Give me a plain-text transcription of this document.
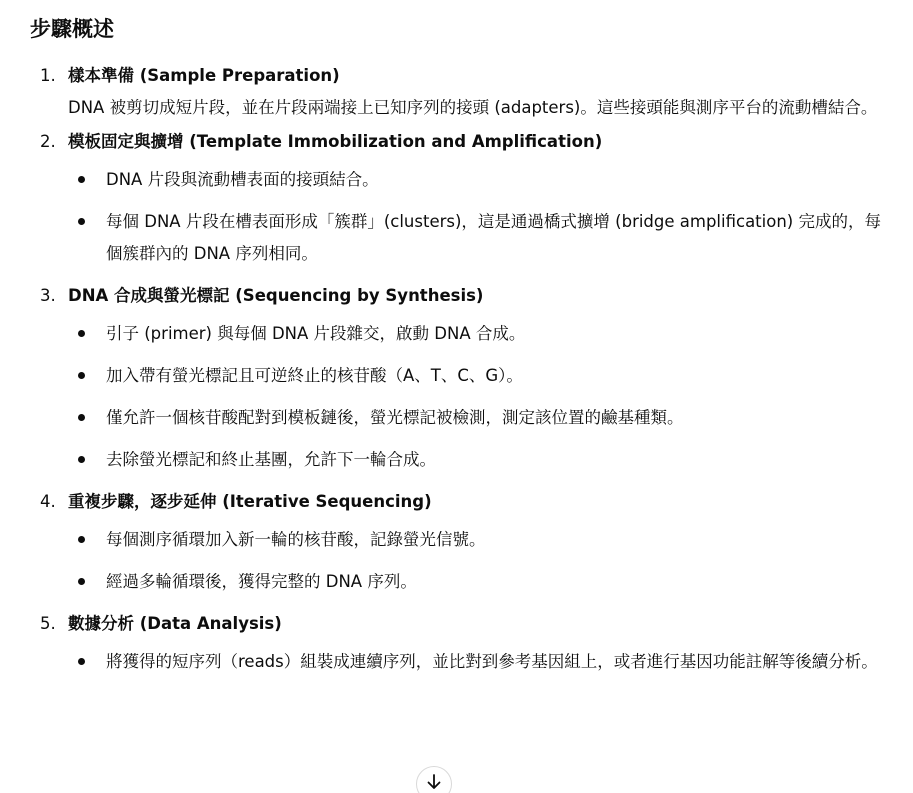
步驟概述
1. 樣本準備 (Sample Preparation)
DNA 被剪切成短片段，並在片段兩端接上已知序列的接頭 (adapters)。這些接頭能與測序平台的流動槽結合。
2. 模板固定與擴增 (Template Immobilization and Amplification)
DNA 片段與流動槽表面的接頭結合。
每個 DNA 片段在槽表面形成「簇群」(clusters)，這是通過橋式擴增 (bridge amplification) 完成的，每個簇群內的 DNA 序列相同。
3. DNA 合成與螢光標記 (Sequencing by Synthesis)
引子 (primer) 與每個 DNA 片段雜交，啟動 DNA 合成。
加入帶有螢光標記且可逆終止的核苷酸（A、T、C、G）。
僅允許一個核苷酸配對到模板鏈後，螢光標記被檢測，測定該位置的鹼基種類。
去除螢光標記和終止基團，允許下一輪合成。
4. 重複步驟，逐步延伸 (Iterative Sequencing)
每個測序循環加入新一輪的核苷酸，記錄螢光信號。
經過多輪循環後，獲得完整的 DNA 序列。
5. 數據分析 (Data Analysis)
將獲得的短序列（reads）組裝成連續序列，並比對到參考基因組上，或者進行基因功能註解等後續分析。
